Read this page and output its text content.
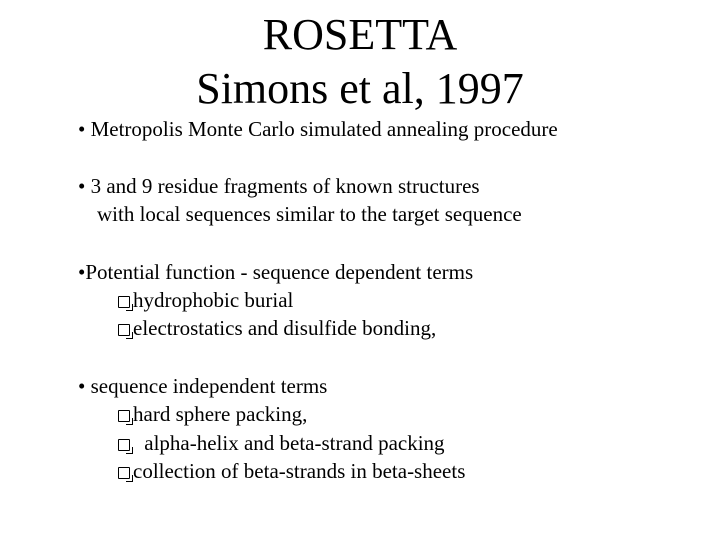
ROSETTA
Simons et al, 1997
• Metropolis Monte Carlo simulated annealing procedure
• 3 and 9 residue fragments of known structures
with local sequences similar to the target sequence
•Potential function - sequence dependent terms
hydrophobic burial
electrostatics and disulfide bonding,
• sequence independent terms
hard sphere packing,
alpha-helix and beta-strand packing
collection of beta-strands in beta-sheets
